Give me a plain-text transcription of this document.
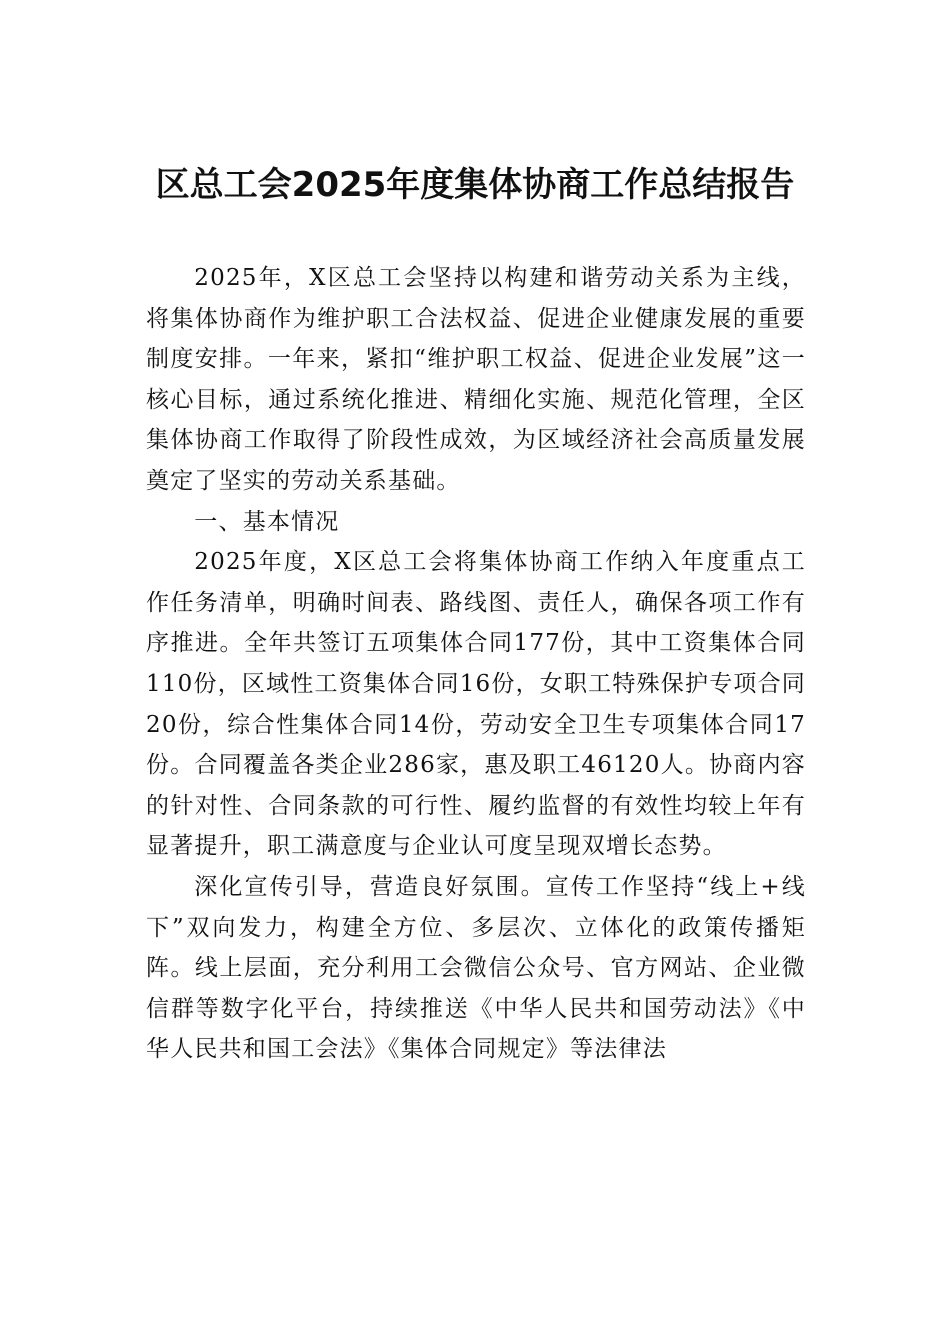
区总工会2025年度集体协商工作总结报告

2025年，X区总工会坚持以构建和谐劳动关系为主线，将集体协商作为维护职工合法权益、促进企业健康发展的重要制度安排。一年来，紧扣“维护职工权益、促进企业发展”这一核心目标，通过系统化推进、精细化实施、规范化管理，全区集体协商工作取得了阶段性成效，为区域经济社会高质量发展奠定了坚实的劳动关系基础。

一、基本情况

2025年度，X区总工会将集体协商工作纳入年度重点工作任务清单，明确时间表、路线图、责任人，确保各项工作有序推进。全年共签订五项集体合同177份，其中工资集体合同110份，区域性工资集体合同16份，女职工特殊保护专项合同20份，综合性集体合同14份，劳动安全卫生专项集体合同17份。合同覆盖各类企业286家，惠及职工46120人。协商内容的针对性、合同条款的可行性、履约监督的有效性均较上年有显著提升，职工满意度与企业认可度呈现双增长态势。

深化宣传引导，营造良好氛围。宣传工作坚持“线上+线下”双向发力，构建全方位、多层次、立体化的政策传播矩阵。线上层面，充分利用工会微信公众号、官方网站、企业微信群等数字化平台，持续推送《中华人民共和国劳动法》《中华人民共和国工会法》《集体合同规定》等法律法
